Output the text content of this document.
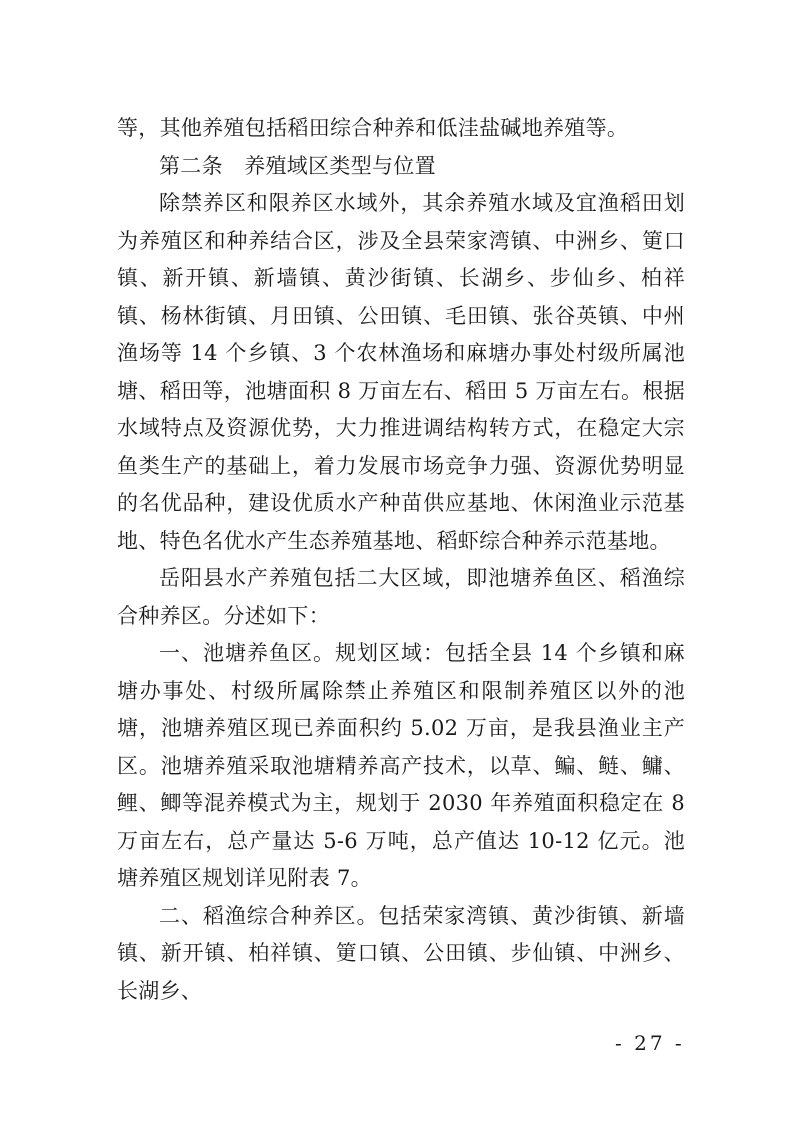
等，其他养殖包括稻田综合种养和低洼盐碱地养殖等。

第二条　养殖域区类型与位置

除禁养区和限养区水域外，其余养殖水域及宜渔稻田划为养殖区和种养结合区，涉及全县荣家湾镇、中洲乡、筻口镇、新开镇、新墙镇、黄沙街镇、长湖乡、步仙乡、柏祥镇、杨林街镇、月田镇、公田镇、毛田镇、张谷英镇、中州渔场等 14 个乡镇、3 个农林渔场和麻塘办事处村级所属池塘、稻田等，池塘面积 8 万亩左右、稻田 5 万亩左右。根据水域特点及资源优势，大力推进调结构转方式，在稳定大宗鱼类生产的基础上，着力发展市场竞争力强、资源优势明显的名优品种，建设优质水产种苗供应基地、休闲渔业示范基地、特色名优水产生态养殖基地、稻虾综合种养示范基地。

岳阳县水产养殖包括二大区域，即池塘养鱼区、稻渔综合种养区。分述如下：

一、池塘养鱼区。规划区域：包括全县 14 个乡镇和麻塘办事处、村级所属除禁止养殖区和限制养殖区以外的池塘，池塘养殖区现已养面积约 5.02 万亩，是我县渔业主产区。池塘养殖采取池塘精养高产技术，以草、鳊、鲢、鳙、鲤、鲫等混养模式为主，规划于 2030 年养殖面积稳定在 8 万亩左右，总产量达 5-6 万吨，总产值达 10-12 亿元。池塘养殖区规划详见附表 7。

二、稻渔综合种养区。包括荣家湾镇、黄沙街镇、新墙镇、新开镇、柏祥镇、筻口镇、公田镇、步仙镇、中洲乡、长湖乡、

- 27 -
